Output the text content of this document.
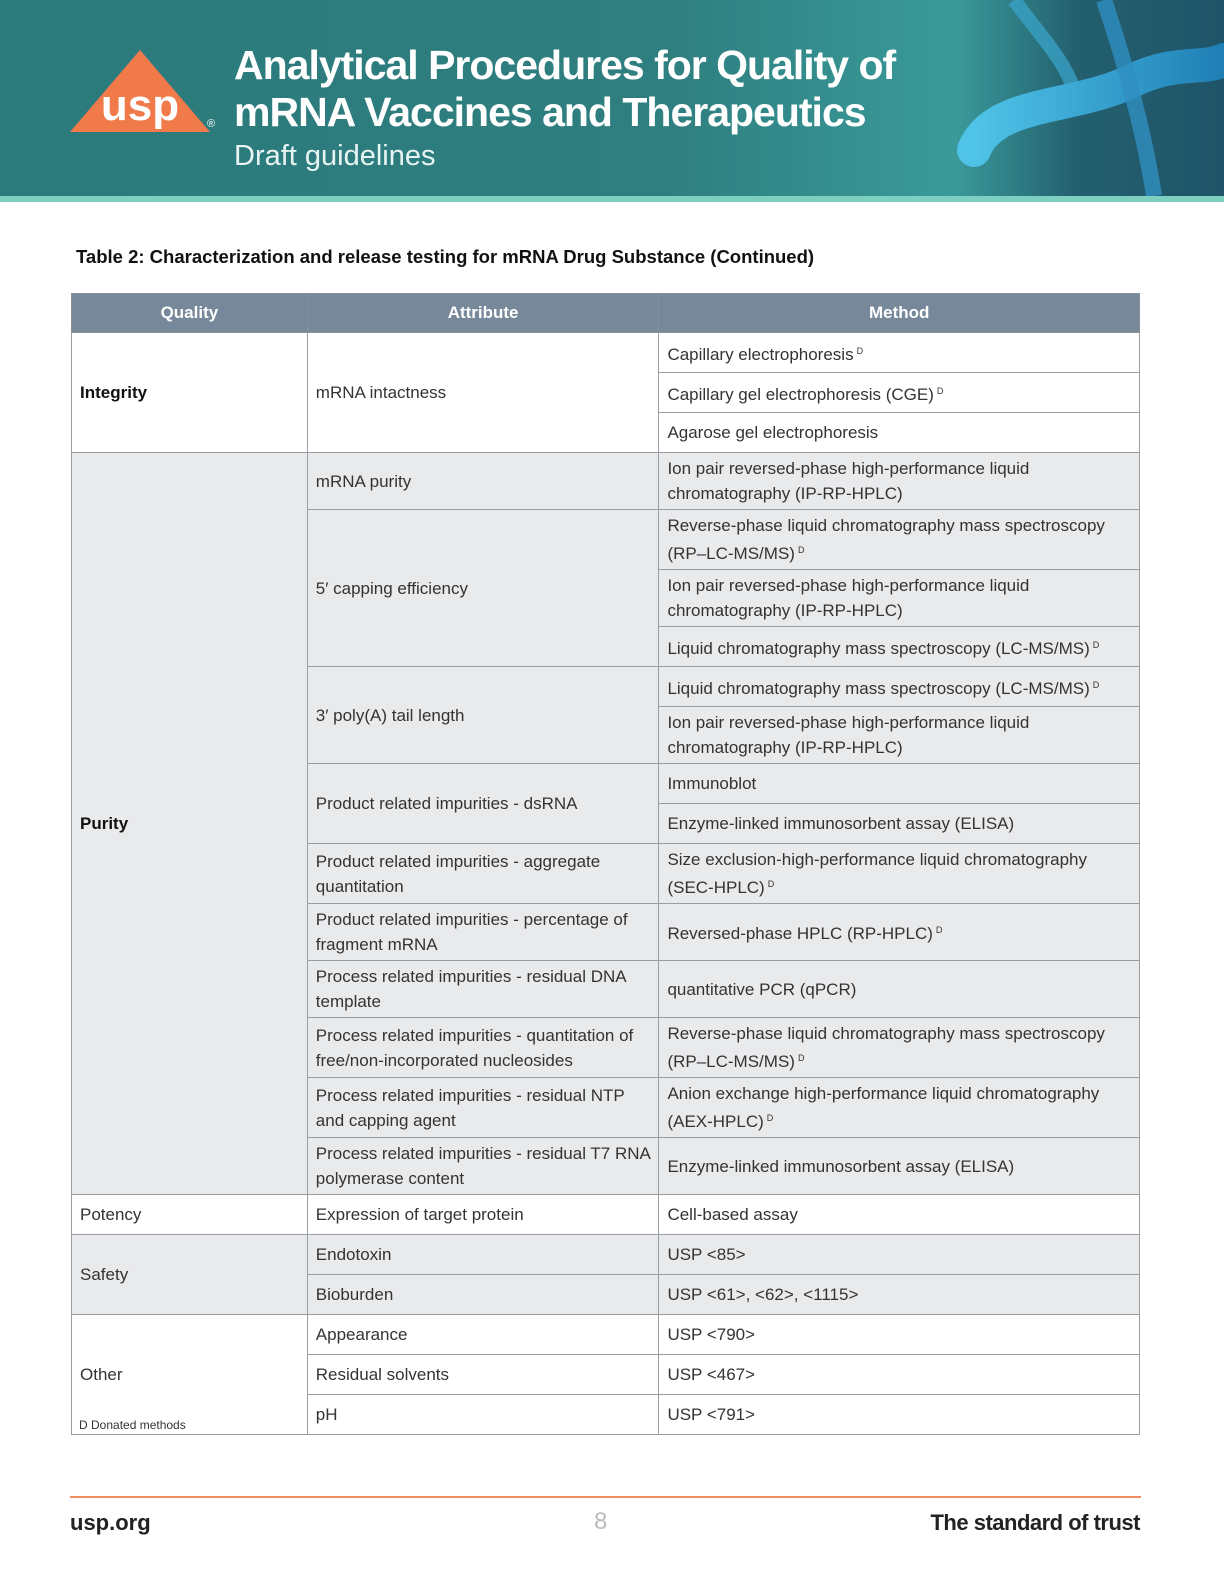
usp	®
Analytical Procedures for Quality of
mRNA Vaccines and Therapeutics
Draft guidelines
Table 2: Characterization and release testing for mRNA Drug Substance (Continued)
Quality	Attribute	Method
Integrity	mRNA intactness	Capillary electrophoresis $^D$
		Capillary gel electrophoresis (CGE) $^D$
		Agarose gel electrophoresis
Purity	mRNA purity	Ion pair reversed-phase high-performance liquid chromatography (IP-RP-HPLC)
	5′ capping efficiency	Reverse-phase liquid chromatography mass spectroscopy (RP–LC-MS/MS) $^D$
		Ion pair reversed-phase high-performance liquid chromatography (IP-RP-HPLC)
		Liquid chromatography mass spectroscopy (LC-MS/MS) $^D$
	3′ poly(A) tail length	Liquid chromatography mass spectroscopy (LC-MS/MS) $^D$
		Ion pair reversed-phase high-performance liquid chromatography (IP-RP-HPLC)
	Product related impurities - dsRNA	Immunoblot
		Enzyme-linked immunosorbent assay (ELISA)
	Product related impurities - aggregate quantitation	Size exclusion-high-performance liquid chromatography (SEC-HPLC) $^D$
	Product related impurities - percentage of fragment mRNA	Reversed-phase HPLC (RP-HPLC) $^D$
	Process related impurities - residual DNA template	quantitative PCR (qPCR)
	Process related impurities - quantitation of free/non-incorporated nucleosides	Reverse-phase liquid chromatography mass spectroscopy (RP–LC-MS/MS) $^D$
	Process related impurities - residual NTP and capping agent	Anion exchange high-performance liquid chromatography (AEX-HPLC) $^D$
	Process related impurities - residual T7 RNA polymerase content	Enzyme-linked immunosorbent assay (ELISA)
Potency	Expression of target protein	Cell-based assay
Safety	Endotoxin	USP <85>
	Bioburden	USP <61>, <62>, <1115>
Other	Appearance	USP <790>
	Residual solvents	USP <467>
	pH	USP <791>
D Donated methods
usp.org	8	The standard of trust
